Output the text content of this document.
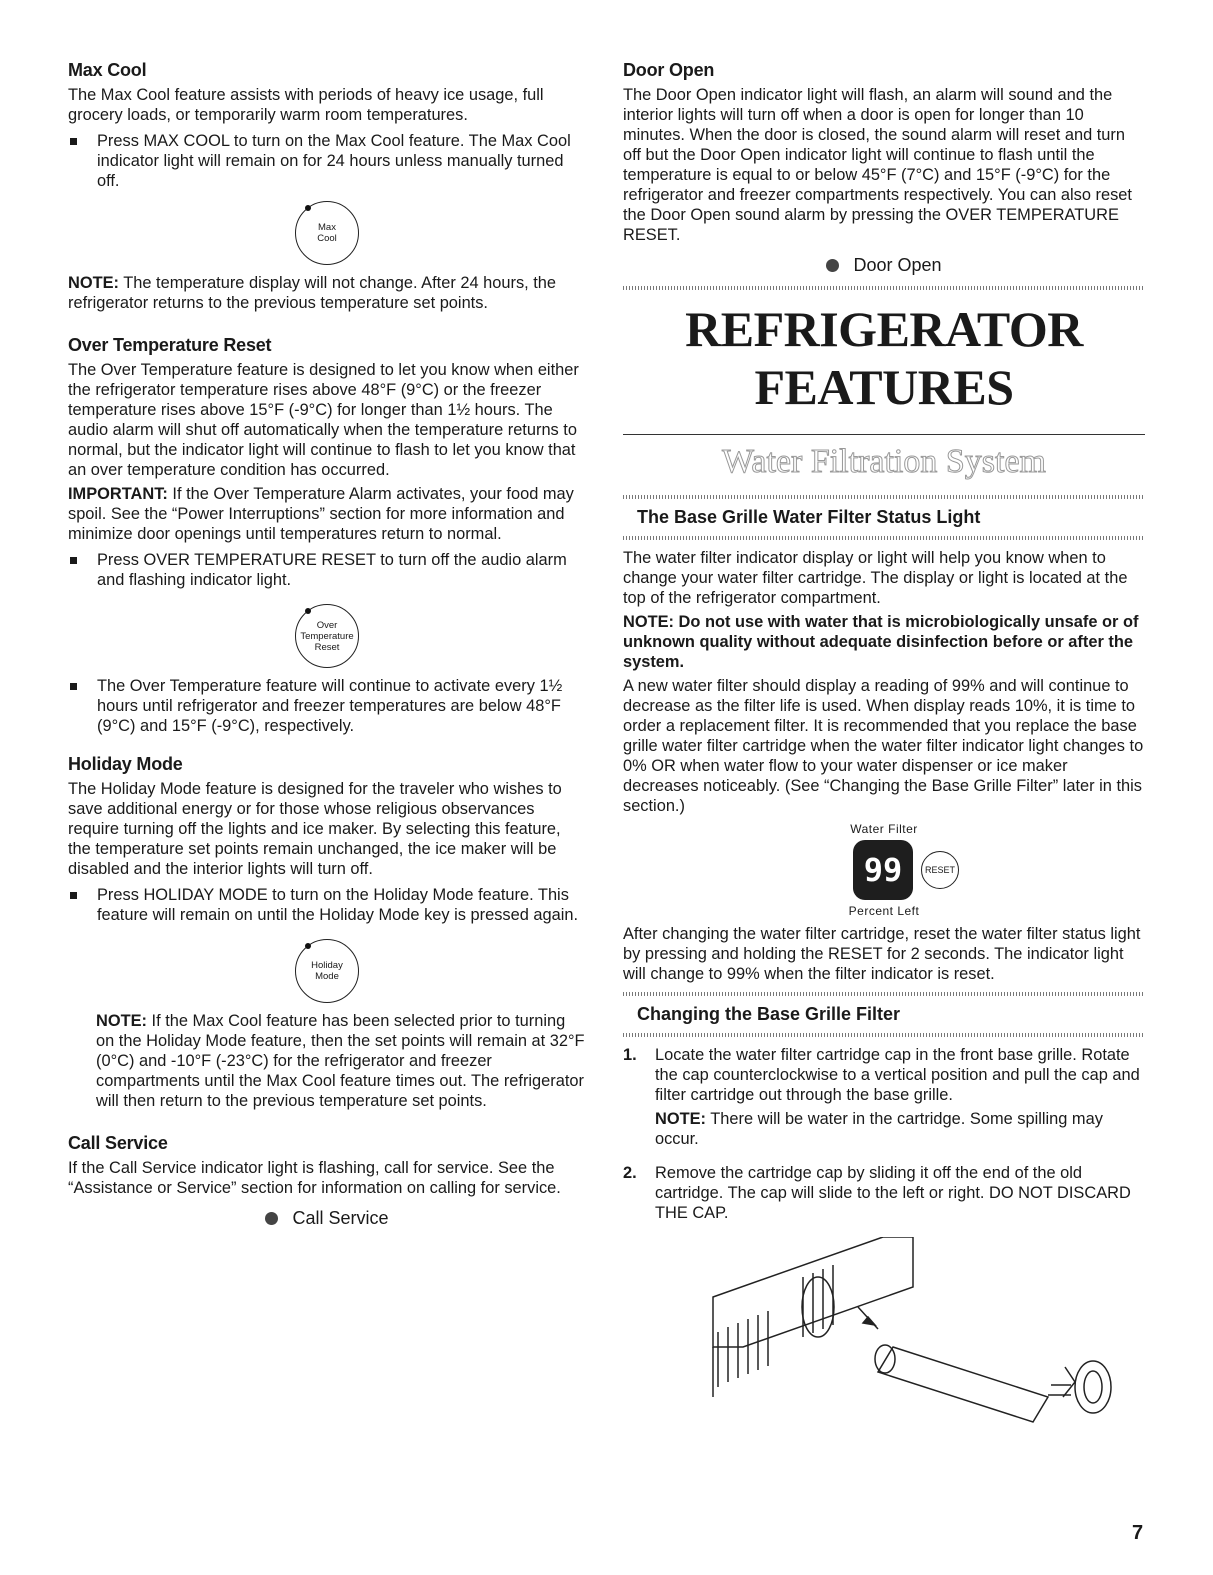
Max Cool

The Max Cool feature assists with periods of heavy ice usage, full grocery loads, or temporarily warm room temperatures.

Press MAX COOL to turn on the Max Cool feature. The Max Cool indicator light will remain on for 24 hours unless manually turned off.
Max Cool

NOTE: The temperature display will not change. After 24 hours, the refrigerator returns to the previous temperature set points.

Over Temperature Reset

The Over Temperature feature is designed to let you know when either the refrigerator temperature rises above 48°F (9°C) or the freezer temperature rises above 15°F (-9°C) for longer than 1½ hours. The audio alarm will shut off automatically when the temperature returns to normal, but the indicator light will continue to flash to let you know that an over temperature condition has occurred.

IMPORTANT: If the Over Temperature Alarm activates, your food may spoil. See the “Power Interruptions” section for more information and minimize door openings until temperatures return to normal.

Press OVER TEMPERATURE RESET to turn off the audio alarm and flashing indicator light.
Over Temperature Reset
The Over Temperature feature will continue to activate every 1½ hours until refrigerator and freezer temperatures are below 48°F (9°C) and 15°F (-9°C), respectively.
Holiday Mode

The Holiday Mode feature is designed for the traveler who wishes to save additional energy or for those whose religious observances require turning off the lights and ice maker. By selecting this feature, the temperature set points remain unchanged, the ice maker will be disabled and the interior lights will turn off.

Press HOLIDAY MODE to turn on the Holiday Mode feature. This feature will remain on until the Holiday Mode key is pressed again.
Holiday Mode

NOTE: If the Max Cool feature has been selected prior to turning on the Holiday Mode feature, then the set points will remain at 32°F (0°C) and -10°F (-23°C) for the refrigerator and freezer compartments until the Max Cool feature times out. The refrigerator will then return to the previous temperature set points.

Call Service

If the Call Service indicator light is flashing, call for service. See the “Assistance or Service” section for information on calling for service.

Call Service
Door Open

The Door Open indicator light will flash, an alarm will sound and the interior lights will turn off when a door is open for longer than 10 minutes. When the door is closed, the sound alarm will reset and turn off but the Door Open indicator light will continue to flash until the temperature is equal to or below 45°F (7°C) and 15°F (-9°C) for the refrigerator and freezer compartments respectively. You can also reset the Door Open sound alarm by pressing the OVER TEMPERATURE RESET.

Door Open
REFRIGERATOR
FEATURES
Water Filtration System
The Base Grille Water Filter Status Light

The water filter indicator display or light will help you know when to change your water filter cartridge. The display or light is located at the top of the refrigerator compartment.

NOTE: Do not use with water that is microbiologically unsafe or of unknown quality without adequate disinfection before or after the system.

A new water filter should display a reading of 99% and will continue to decrease as the filter life is used. When display reads 10%, it is time to order a replacement filter. It is recommended that you replace the base grille water filter cartridge when the water filter indicator light changes to 0% OR when water flow to your water dispenser or ice maker decreases noticeably. (See “Changing the Base Grille Filter” later in this section.)

Water Filter
99	RESET
Percent Left

After changing the water filter cartridge, reset the water filter status light by pressing and holding the RESET for 2 seconds. The indicator light will change to 99% when the filter indicator is reset.

Changing the Base Grille Filter
1.	Locate the water filter cartridge cap in the front base grille. Rotate the cap counterclockwise to a vertical position and pull the cap and filter cartridge out through the base grille.

NOTE: There will be water in the cartridge. Some spilling may occur.

2.	Remove the cartridge cap by sliding it off the end of the old cartridge. The cap will slide to the left or right. DO NOT DISCARD THE CAP.

7
